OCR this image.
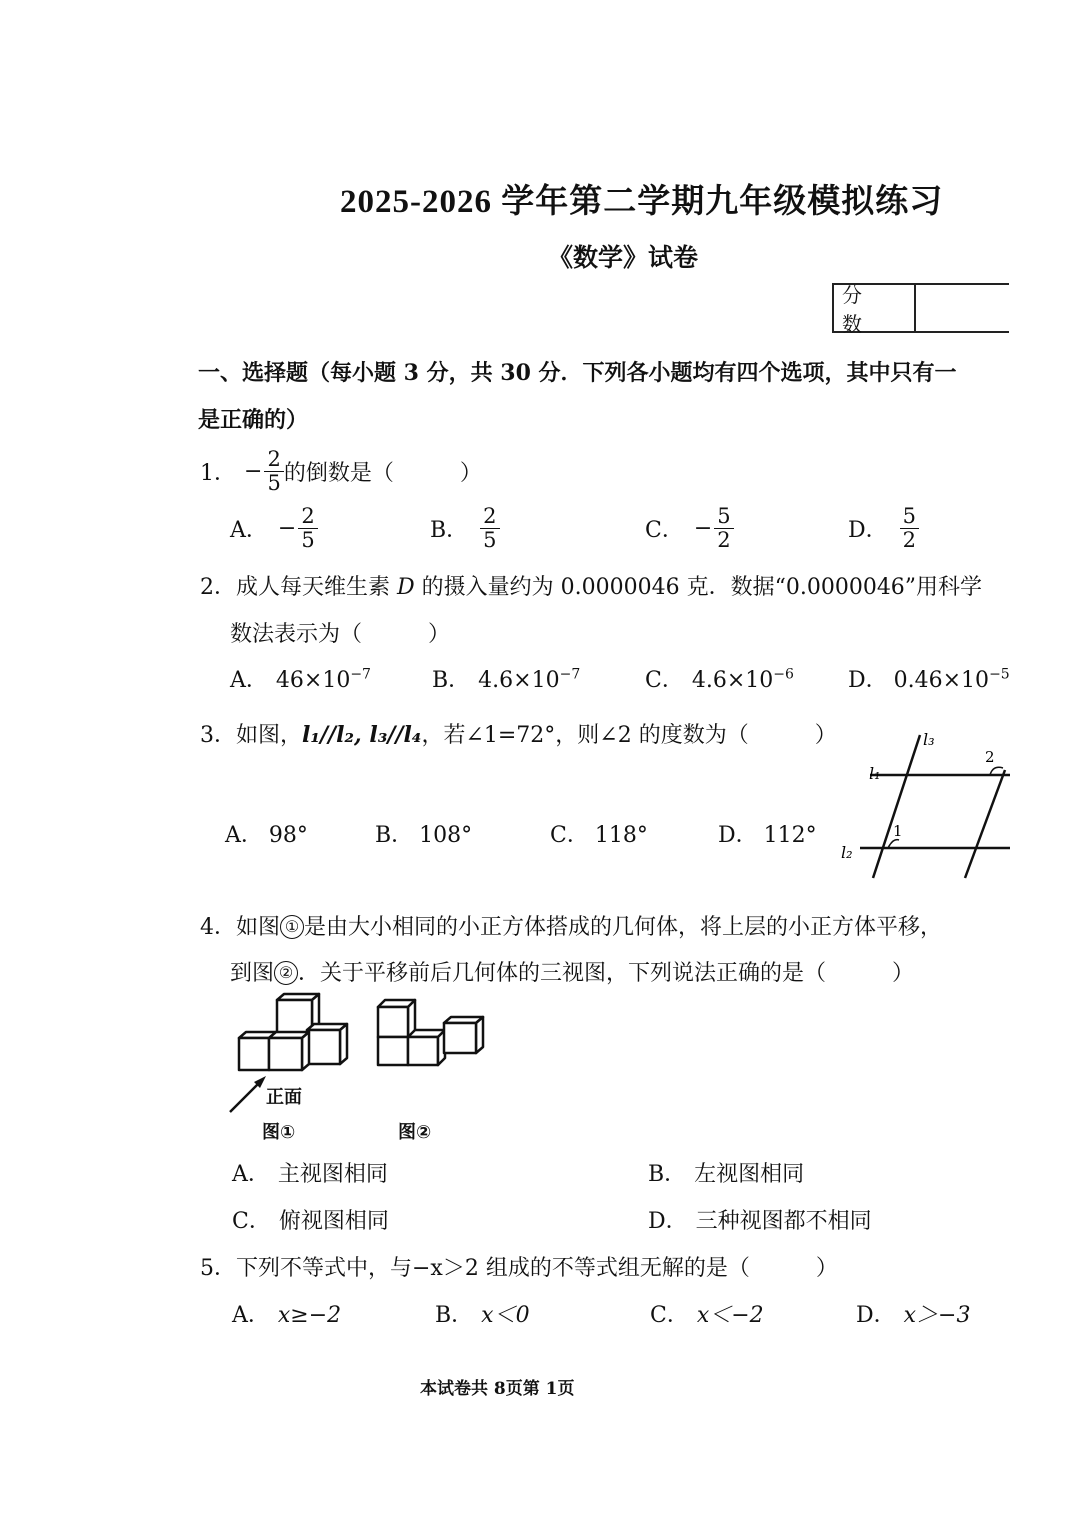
2025-2026 学年第二学期九年级模拟练习
《数学》试卷
分 数
一、选择题（每小题 3 分，共 30 分．下列各小题均有四个选项，其中只有一
是正确的）
1． − $\frac{2}{5}$ 的倒数是（　　　）
A． − $\frac{2}{5}$	B． $\frac{2}{5}$	C． − $\frac{5}{2}$	D． $\frac{5}{2}$
2．成人每天维生素 D 的摄入量约为 0.0000046 克．数据“0.0000046”用科学
数法表示为（　　　）
A． $46\times 10^{-7}$	B． $4.6\times 10^{-7}$	C． $4.6\times 10^{-6}$ D． $0.46\times 10^{-5}$
3．如图，l₁//l₂, l₃//l₄，若∠1=72°，则∠2 的度数为（　　　）
A． 98°	B． 108°	C． 118°	D． 112°
l₃
l₁
l₂
1
2
4．如图 ① 是由大小相同的小正方体搭成的几何体，将上层的小正方体平移，
到图 ② ．关于平移前后几何体的三视图，下列说法正确的是（　　　）
正面
图①	图②
A． 主视图相同	B． 左视图相同
C． 俯视图相同	D． 三种视图都不相同
5．下列不等式中，与−x＞2 组成的不等式组无解的是（　　　）
A． x≥−2	B． x＜0	C． x＜−2	D． x＞−3
本试卷共 8页第 1页
